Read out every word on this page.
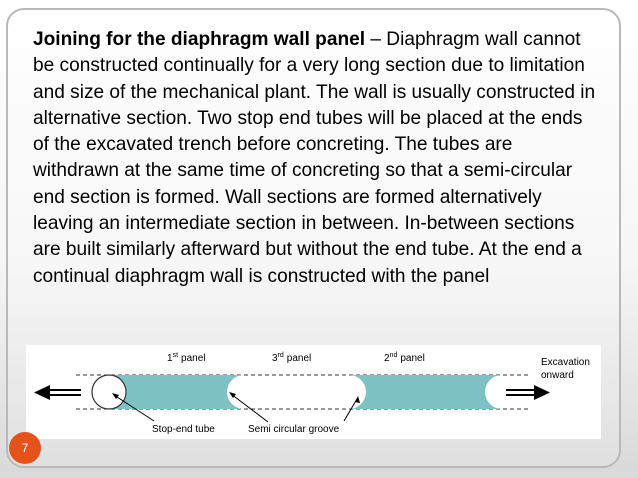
Joining for the diaphragm wall panel – Diaphragm wall cannot be constructed continually for a very long section due to limitation and size of the mechanical plant. The wall is usually constructed in alternative section. Two stop end tubes will be placed at the ends of the excavated trench before concreting. The tubes are withdrawn at the same time of concreting so that a semi-circular end section is formed. Wall sections are formed alternatively leaving an intermediate section in between. In-between sections are built similarly afterward but without the end tube. At the end a continual diaphragm wall is constructed with the panel

1st panel	3rd panel	2nd panel	Excavation
onward
Stop-end tube	Semi circular groove
7
